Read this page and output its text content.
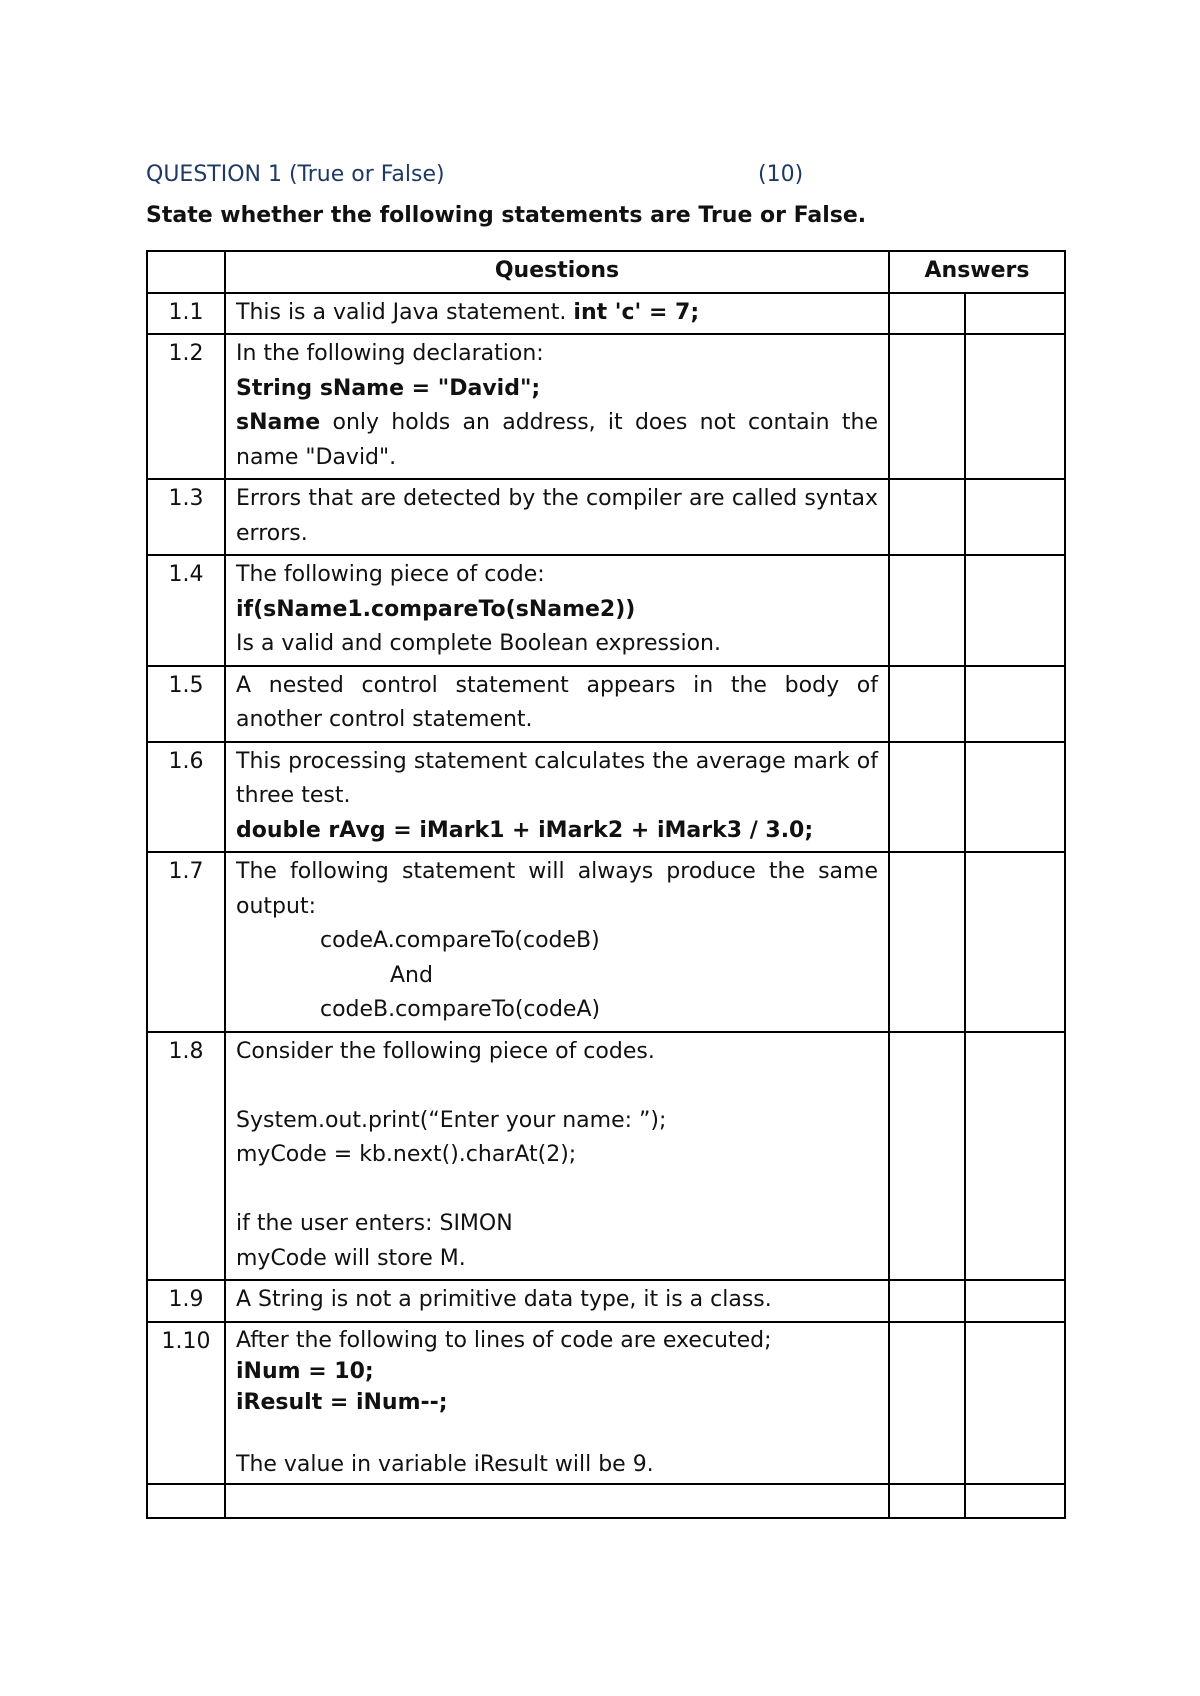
QUESTION 1 (True or False)	(10)
State whether the following statements are True or False.
	Questions	Answers	
1.1	This is a valid Java statement. int 'c' = 7;		
1.2	In the following declaration:
String sName = "David";
sName only holds an address, it does not contain the name "David".		
1.3	Errors that are detected by the compiler are called syntax errors.		
1.4	The following piece of code:
if(sName1.compareTo(sName2))
Is a valid and complete Boolean expression.		

1.5	A nested control statement appears in the body of another control statement.		
1.6	This processing statement calculates the average mark of three test.
double rAvg = iMark1 + iMark2 + iMark3 / 3.0;		

1.7	The following statement will always produce the same output:
codeA.compareTo(codeB)
And
codeB.compareTo(codeA)		

1.8	Consider the following piece of codes.
System.out.print(“Enter your name: ”);
myCode = kb.next().charAt(2);
if the user enters: SIMON
myCode will store M.		

1.9	A String is not a primitive data type, it is a class.		
1.10	After the following to lines of code are executed;
iNum = 10;
iResult = iNum--;
The value in variable iResult will be 9.		
